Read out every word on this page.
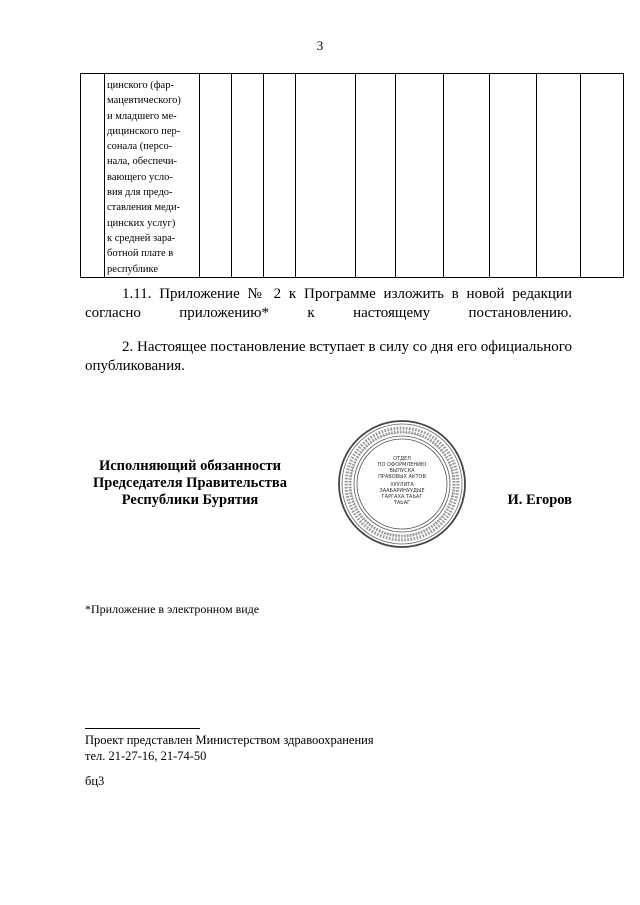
3

цинского (фар-
мацевтического)
и младшего ме-
дицинского пер-
сонала (персо-
нала, обеспечи-
вающего усло-
вия для предо-
ставления меди-
цинских услуг)
к средней зара-
ботной плате в
республике

1.11. Приложение № 2 к Программе изложить в новой редакции согласно приложению* к настоящему постановлению.
2. Настоящее постановление вступает в силу со дня его официального опубликования.
Исполняющий обязанности
Председателя Правительства
Республики Бурятия
ОТДЕЛ
ПО ОФОРМЛЕНИЮ
ВЫПУСКА
ПРАВОВЫХ АКТОВ
ХУУЛИТА
ЗААБАРИНУУДЫЕ
ГАРГАХА ТАЬАГ
ТАЬАГ	И. Егоров
*Приложение в электронном виде
Проект представлен Министерством здравоохранения
тел. 21-27-16, 21-74-50
бц3
